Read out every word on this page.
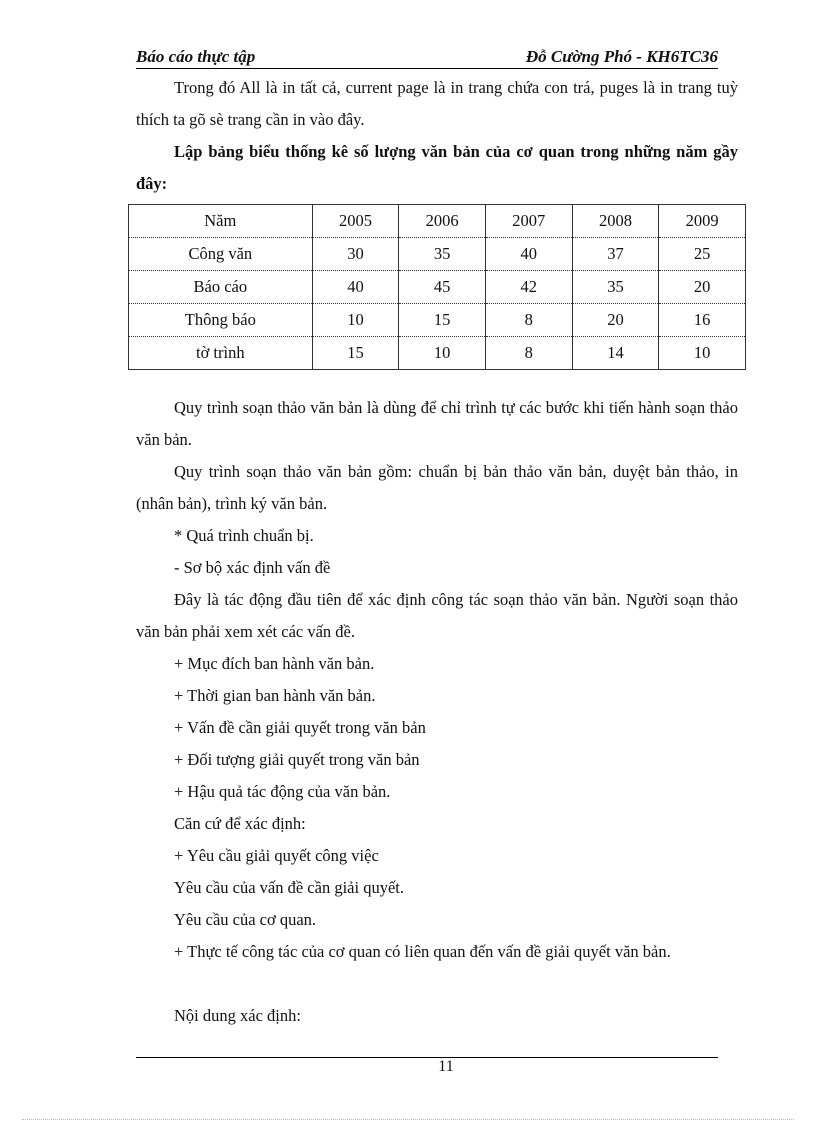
Báo cáo thực tập	Đỗ Cường Phó - KH6TC36

Trong đó All là in tất cả, current page là in trang chứa con trá, puges là in trang tuỳ thích ta gõ sè trang cần in vào đây.

Lập bảng biểu thống kê số lượng văn bản của cơ quan trong những năm gầy đây:

Năm	2005	2006	2007	2008	2009
Công văn	30	35	40	37	25
Báo cáo	40	45	42	35	20
Thông báo	10	15	8	20	16
tờ trình	15	10	8	14	10

Quy trình soạn thảo văn bản là dùng để chỉ trình tự các bước khi tiến hành soạn thảo văn bản.

Quy trình soạn thảo văn bản gồm: chuẩn bị bản thảo văn bản, duyệt bản thảo, in (nhân bản), trình ký văn bản.

* Quá trình chuẩn bị.

- Sơ bộ xác định vấn đề

Đây là tác động đầu tiên để xác định công tác soạn thảo văn bản. Người soạn thảo văn bản phải xem xét các vấn đề.

+ Mục đích ban hành văn bản.

+ Thời gian ban hành văn bản.

+ Vấn đề cần giải quyết trong văn bản

+ Đối tượng giải quyết trong văn bản

+ Hậu quả tác động của văn bản.

Căn cứ để xác định:

+ Yêu cầu giải quyết công việc

Yêu cầu của vấn đề cần giải quyết.

Yêu cầu của cơ quan.

+ Thực tế công tác của cơ quan có liên quan đến vấn đề giải quyết văn bản.

Nội dung xác định:

11
